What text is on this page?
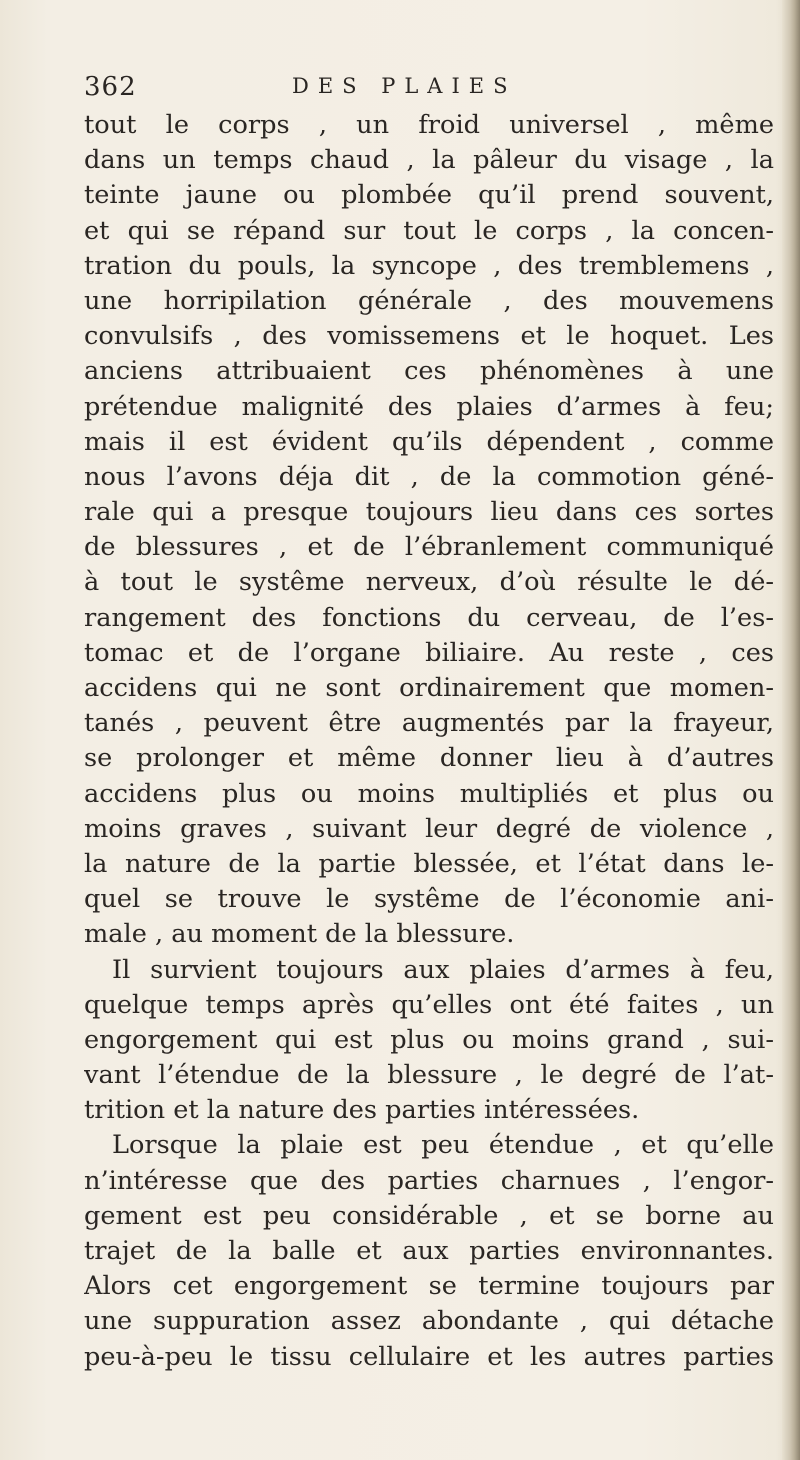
362	DES PLAIES
tout le corps , un froid universel , même
dans un temps chaud , la pâleur du visage , la
teinte jaune ou plombée qu’il prend souvent,
et qui se répand sur tout le corps , la concen-
tration du pouls, la syncope , des tremblemens ,
une horripilation générale , des mouvemens
convulsifs , des vomissemens et le hoquet. Les
anciens attribuaient ces phénomènes à une
prétendue malignité des plaies d’armes à feu;
mais il est évident qu’ils dépendent , comme
nous l’avons déja dit , de la commotion géné-
rale qui a presque toujours lieu dans ces sortes
de blessures , et de l’ébranlement communiqué
à tout le systême nerveux, d’où résulte le dé-
rangement des fonctions du cerveau, de l’es-
tomac et de l’organe biliaire. Au reste , ces
accidens qui ne sont ordinairement que momen-
tanés , peuvent être augmentés par la frayeur,
se prolonger et même donner lieu à d’autres
accidens plus ou moins multipliés et plus ou
moins graves , suivant leur degré de violence ,
la nature de la partie blessée, et l’état dans le-
quel se trouve le systême de l’économie ani-
male , au moment de la blessure.
Il survient toujours aux plaies d’armes à feu,
quelque temps après qu’elles ont été faites , un
engorgement qui est plus ou moins grand , sui-
vant l’étendue de la blessure , le degré de l’at-
trition et la nature des parties intéressées.
Lorsque la plaie est peu étendue , et qu’elle
n’intéresse que des parties charnues , l’engor-
gement est peu considérable , et se borne au
trajet de la balle et aux parties environnantes.
Alors cet engorgement se termine toujours par
une suppuration assez abondante , qui détache
peu-à-peu le tissu cellulaire et les autres parties
